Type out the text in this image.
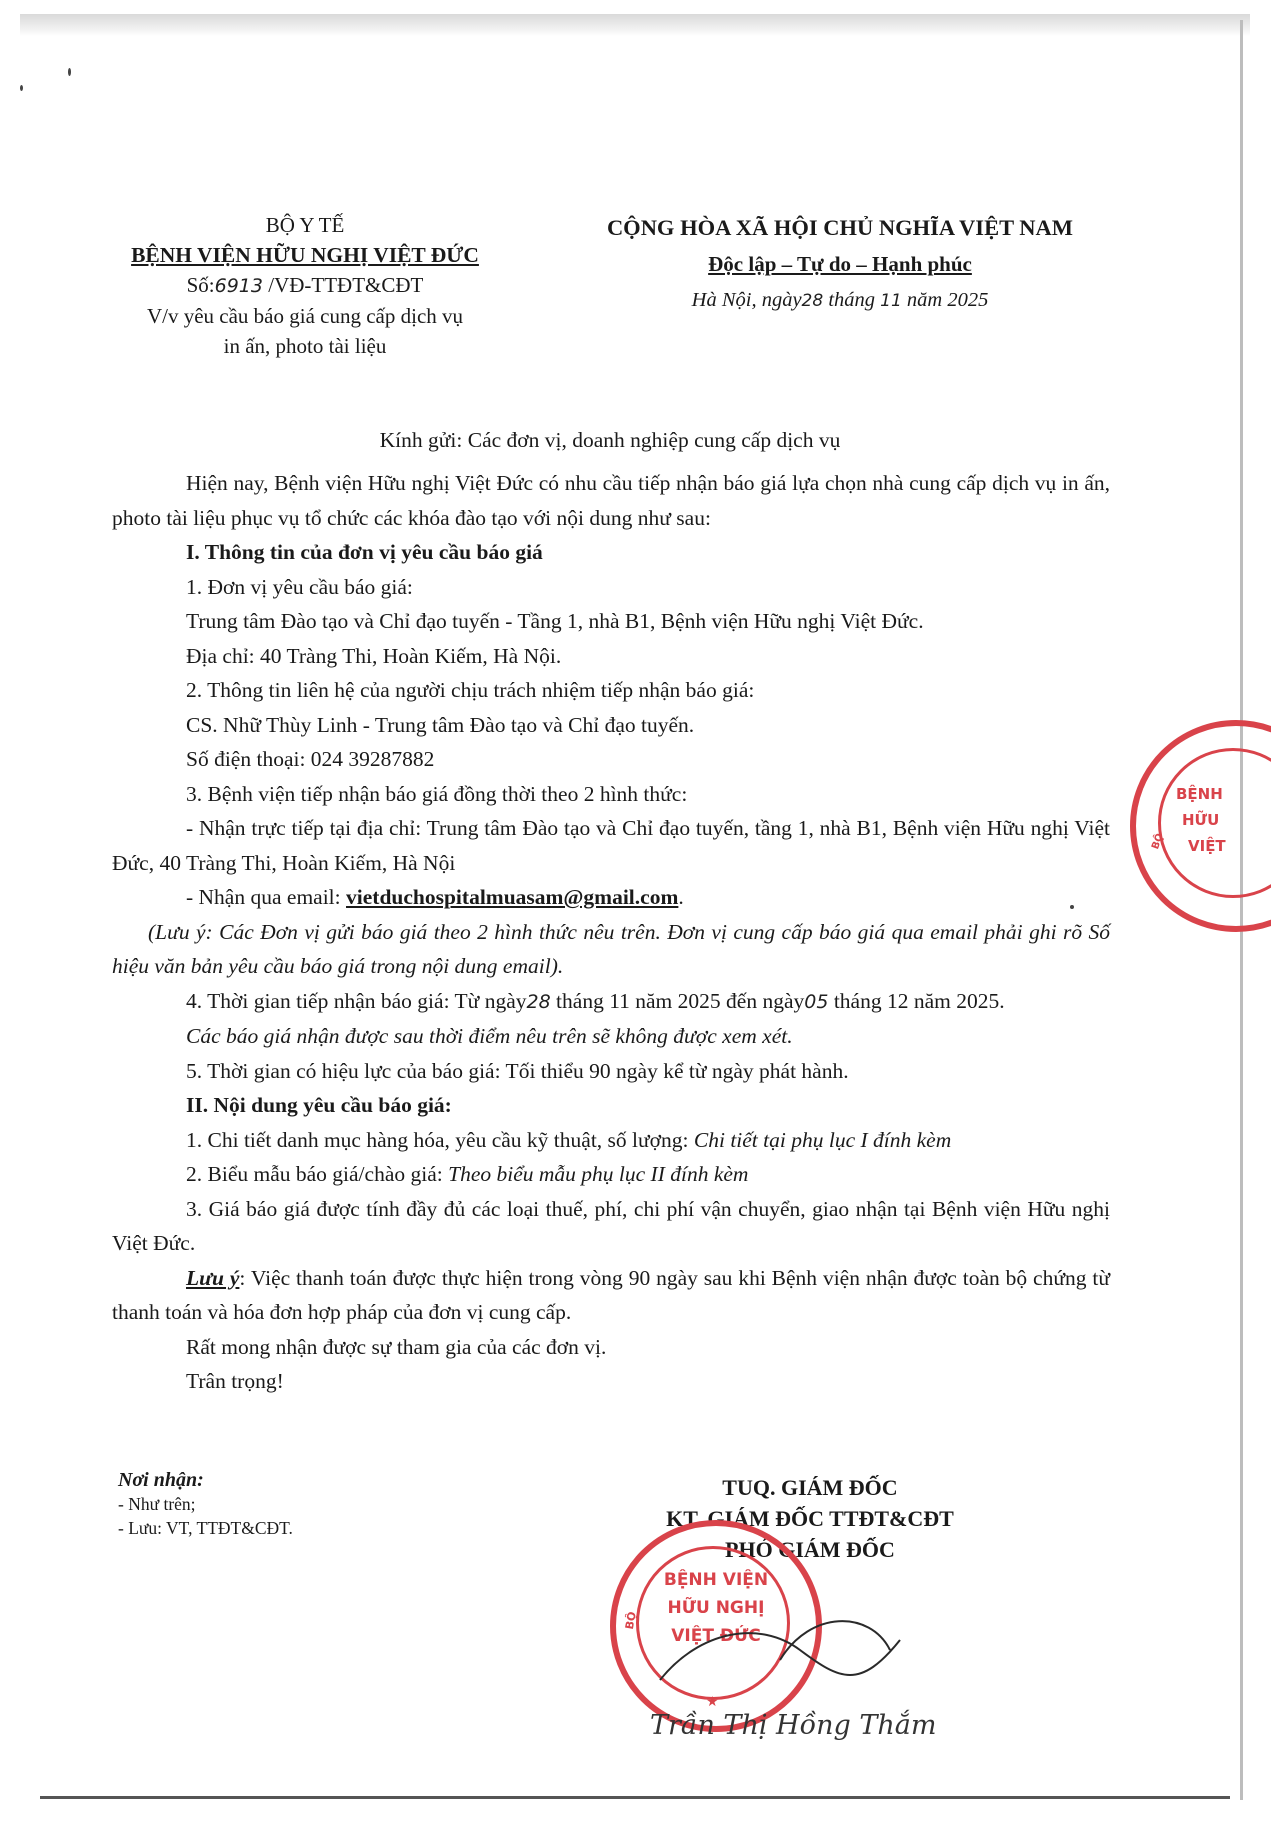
BỘ Y TẾ
BỆNH VIỆN HỮU NGHỊ VIỆT ĐỨC
Số:6913 /VĐ-TTĐT&CĐT
V/v yêu cầu báo giá cung cấp dịch vụ
in ấn, photo tài liệu
CỘNG HÒA XÃ HỘI CHỦ NGHĨA VIỆT NAM
Độc lập – Tự do – Hạnh phúc
Hà Nội, ngày28 tháng 11 năm 2025
Kính gửi: Các đơn vị, doanh nghiệp cung cấp dịch vụ

Hiện nay, Bệnh viện Hữu nghị Việt Đức có nhu cầu tiếp nhận báo giá lựa chọn nhà cung cấp dịch vụ in ấn, photo tài liệu phục vụ tổ chức các khóa đào tạo với nội dung như sau:

I. Thông tin của đơn vị yêu cầu báo giá

1. Đơn vị yêu cầu báo giá:

Trung tâm Đào tạo và Chỉ đạo tuyến - Tầng 1, nhà B1, Bệnh viện Hữu nghị Việt Đức.

Địa chỉ: 40 Tràng Thi, Hoàn Kiếm, Hà Nội.

2. Thông tin liên hệ của người chịu trách nhiệm tiếp nhận báo giá:

CS. Nhữ Thùy Linh - Trung tâm Đào tạo và Chỉ đạo tuyến.

Số điện thoại: 024 39287882

3. Bệnh viện tiếp nhận báo giá đồng thời theo 2 hình thức:

- Nhận trực tiếp tại địa chỉ: Trung tâm Đào tạo và Chỉ đạo tuyến, tầng 1, nhà B1, Bệnh viện Hữu nghị Việt Đức, 40 Tràng Thi, Hoàn Kiếm, Hà Nội

- Nhận qua email: vietduchospitalmuasam@gmail.com.

(Lưu ý: Các Đơn vị gửi báo giá theo 2 hình thức nêu trên. Đơn vị cung cấp báo giá qua email phải ghi rõ Số hiệu văn bản yêu cầu báo giá trong nội dung email).

4. Thời gian tiếp nhận báo giá: Từ ngày28 tháng 11 năm 2025 đến ngày05 tháng 12 năm 2025.

Các báo giá nhận được sau thời điểm nêu trên sẽ không được xem xét.

5. Thời gian có hiệu lực của báo giá: Tối thiểu 90 ngày kể từ ngày phát hành.

II. Nội dung yêu cầu báo giá:

1. Chi tiết danh mục hàng hóa, yêu cầu kỹ thuật, số lượng: Chi tiết tại phụ lục I đính kèm

2. Biểu mẫu báo giá/chào giá: Theo biểu mẫu phụ lục II đính kèm

3. Giá báo giá được tính đầy đủ các loại thuế, phí, chi phí vận chuyển, giao nhận tại Bệnh viện Hữu nghị Việt Đức.

Lưu ý: Việc thanh toán được thực hiện trong vòng 90 ngày sau khi Bệnh viện nhận được toàn bộ chứng từ thanh toán và hóa đơn hợp pháp của đơn vị cung cấp.

Rất mong nhận được sự tham gia của các đơn vị.

Trân trọng!

Nơi nhận:
- Như trên;
- Lưu: VT, TTĐT&CĐT.
TUQ. GIÁM ĐỐC
KT. GIÁM ĐỐC TTĐT&CĐT
PHÓ GIÁM ĐỐC
BỆNH VIỆN
HỮU NGHỊ
VIỆT ĐỨC
BỘ
★
Trần Thị Hồng Thắm
BỆNH
HỮU
VIỆT
BỘ
